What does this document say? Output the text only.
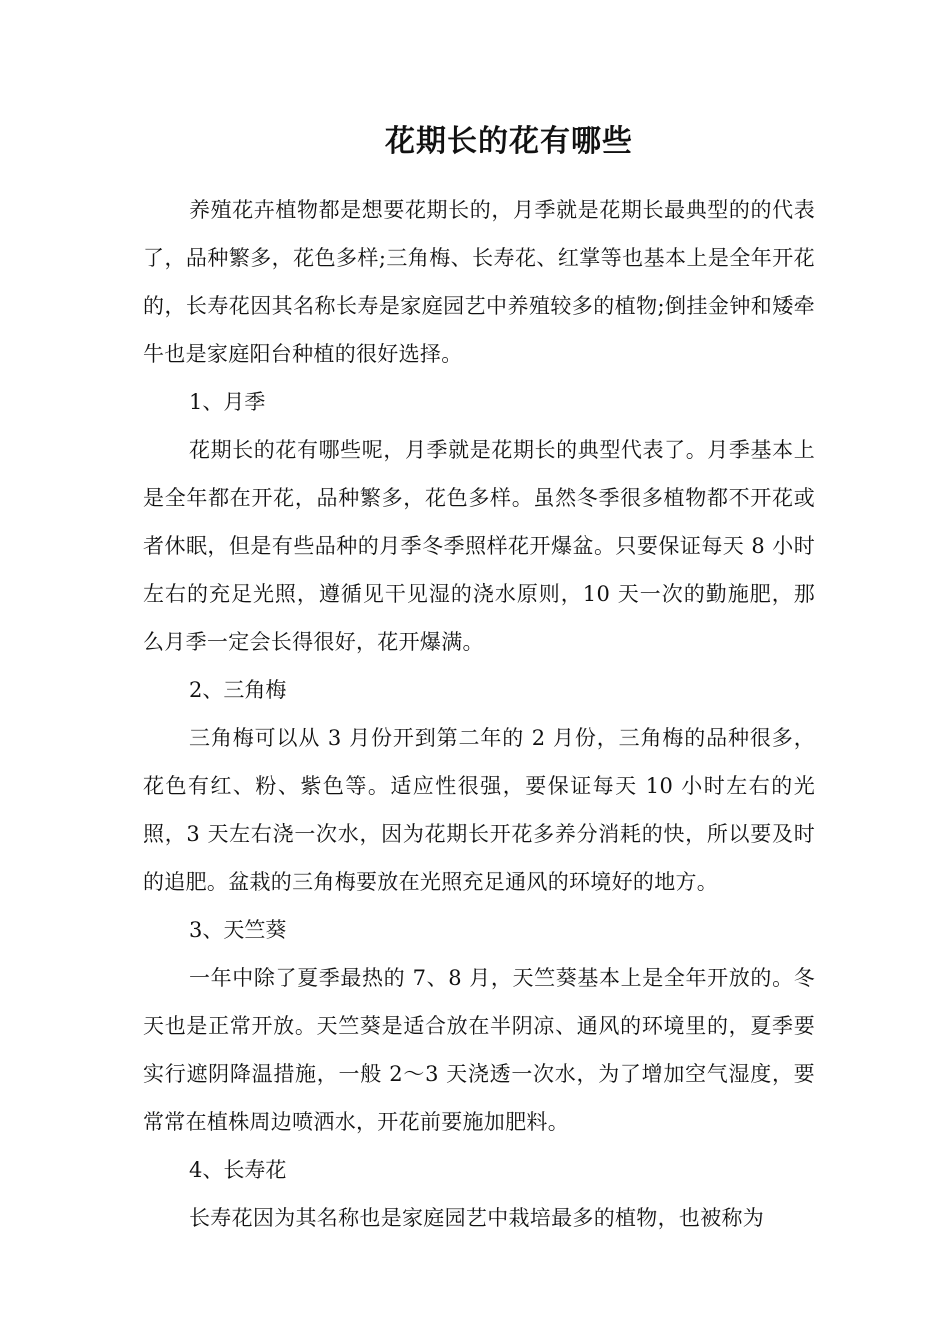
花期长的花有哪些

养殖花卉植物都是想要花期长的，月季就是花期长最典型的的代表了，品种繁多，花色多样;三角梅、长寿花、红掌等也基本上是全年开花的，长寿花因其名称长寿是家庭园艺中养殖较多的植物;倒挂金钟和矮牵牛也是家庭阳台种植的很好选择。

1、月季

花期长的花有哪些呢，月季就是花期长的典型代表了。月季基本上是全年都在开花，品种繁多，花色多样。虽然冬季很多植物都不开花或者休眠，但是有些品种的月季冬季照样花开爆盆。只要保证每天 8 小时左右的充足光照，遵循见干见湿的浇水原则，10 天一次的勤施肥，那么月季一定会长得很好，花开爆满。

2、三角梅

三角梅可以从 3 月份开到第二年的 2 月份，三角梅的品种很多，花色有红、粉、紫色等。适应性很强，要保证每天 10 小时左右的光照，3 天左右浇一次水，因为花期长开花多养分消耗的快，所以要及时的追肥。盆栽的三角梅要放在光照充足通风的环境好的地方。

3、天竺葵

一年中除了夏季最热的 7、8 月，天竺葵基本上是全年开放的。冬天也是正常开放。天竺葵是适合放在半阴凉、通风的环境里的，夏季要实行遮阴降温措施，一般 2～3 天浇透一次水，为了增加空气湿度，要常常在植株周边喷洒水，开花前要施加肥料。

4、长寿花

长寿花因为其名称也是家庭园艺中栽培最多的植物，也被称为
